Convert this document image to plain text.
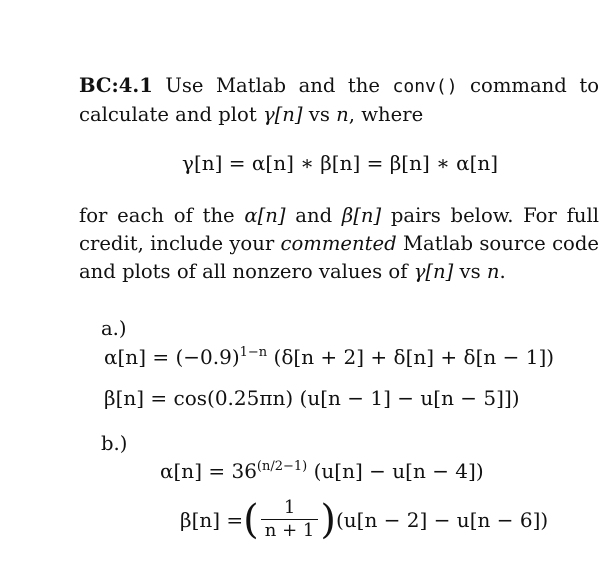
BC:4.1 Use Matlab and the conv() command to calculate and plot γ[n] vs n, where
γ[n] = α[n] ∗ β[n] = β[n] ∗ α[n]
for each of the α[n] and β[n] pairs below. For full credit, include your commented Matlab source code and plots of all nonzero values of γ[n] vs n.
a.)
$\alpha[n] = (-0.9)^{1-n}$ (δ[n + 2] + δ[n] + δ[n − 1])
β[n] = cos(0.25πn) (u[n − 1] − u[n − 5]])
b.)
$\alpha[n] = 36^{(n/2-1)}$ (u[n] − u[n − 4])
β[n] = ( $\frac{1}{n + 1}$ ) (u[n − 2] − u[n − 6])
